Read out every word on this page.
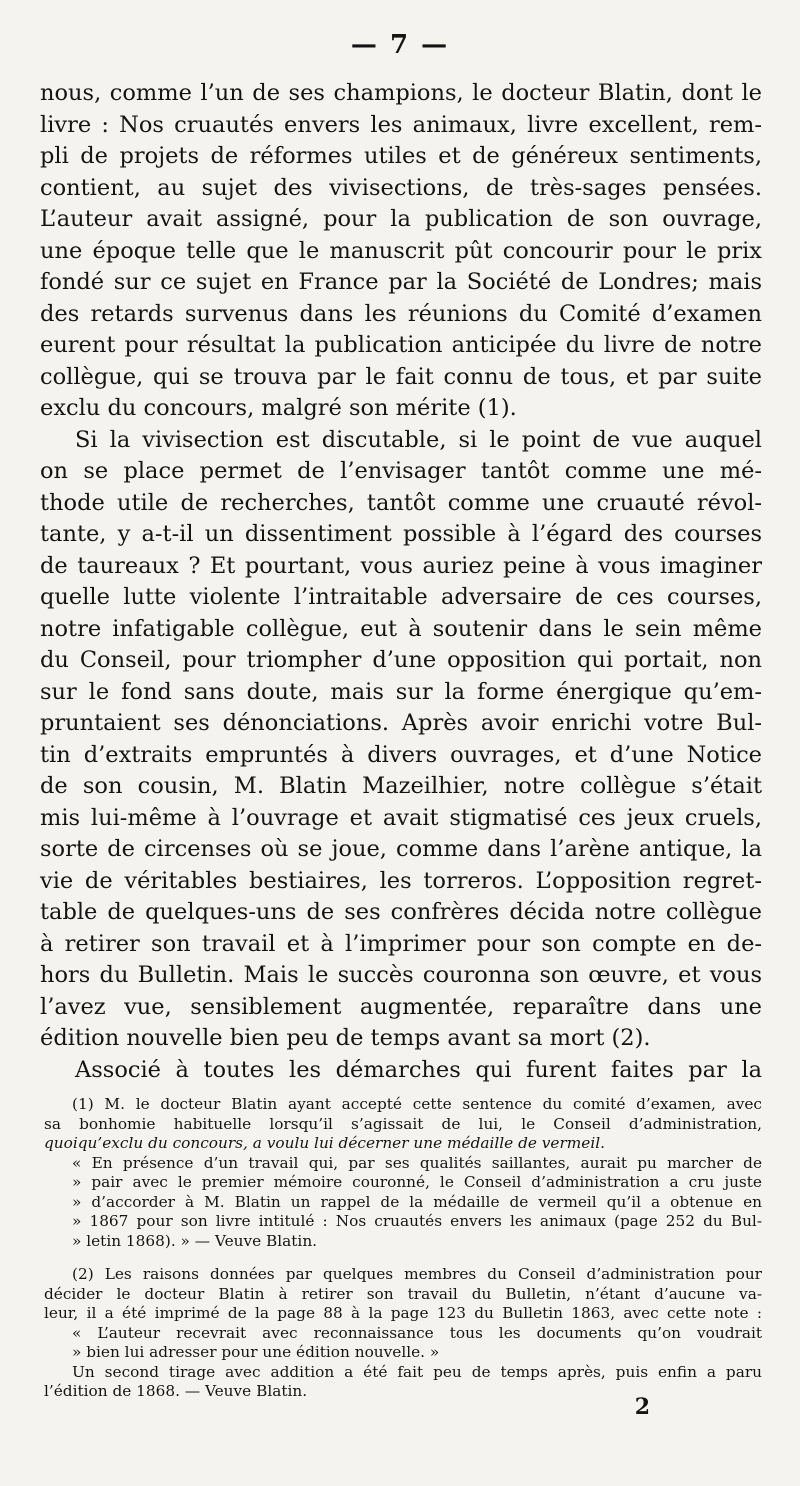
— 7 —
nous, comme l’un de ses champions, le docteur Blatin, dont le
livre : Nos cruautés envers les animaux, livre excellent, rem-
pli de projets de réformes utiles et de généreux sentiments,
contient, au sujet des vivisections, de très-sages pensées.
L’auteur avait assigné, pour la publication de son ouvrage,
une époque telle que le manuscrit pût concourir pour le prix
fondé sur ce sujet en France par la Société de Londres; mais
des retards survenus dans les réunions du Comité d’examen
eurent pour résultat la publication anticipée du livre de notre
collègue, qui se trouva par le fait connu de tous, et par suite
exclu du concours, malgré son mérite (1).
Si la vivisection est discutable, si le point de vue auquel
on se place permet de l’envisager tantôt comme une mé-
thode utile de recherches, tantôt comme une cruauté révol-
tante, y a-t-il un dissentiment possible à l’égard des courses
de taureaux ? Et pourtant, vous auriez peine à vous imaginer
quelle lutte violente l’intraitable adversaire de ces courses,
notre infatigable collègue, eut à soutenir dans le sein même
du Conseil, pour triompher d’une opposition qui portait, non
sur le fond sans doute, mais sur la forme énergique qu’em-
pruntaient ses dénonciations. Après avoir enrichi votre Bul-
tin d’extraits empruntés à divers ouvrages, et d’une Notice
de son cousin, M. Blatin Mazeilhier, notre collègue s’était
mis lui-même à l’ouvrage et avait stigmatisé ces jeux cruels,
sorte de circenses où se joue, comme dans l’arène antique, la
vie de véritables bestiaires, les torreros. L’opposition regret-
table de quelques-uns de ses confrères décida notre collègue
à retirer son travail et à l’imprimer pour son compte en de-
hors du Bulletin. Mais le succès couronna son œuvre, et vous
l’avez vue, sensiblement augmentée, reparaître dans une
édition nouvelle bien peu de temps avant sa mort (2).
Associé à toutes les démarches qui furent faites par la
(1) M. le docteur Blatin ayant accepté cette sentence du comité d’examen, avec
sa bonhomie habituelle lorsqu’il s’agissait de lui, le Conseil d’administration,
quoiqu’exclu du concours, a voulu lui décerner une médaille de vermeil.
« En présence d’un travail qui, par ses qualités saillantes, aurait pu marcher de
» pair avec le premier mémoire couronné, le Conseil d’administration a cru juste
» d’accorder à M. Blatin un rappel de la médaille de vermeil qu’il a obtenue en
» 1867 pour son livre intitulé : Nos cruautés envers les animaux (page 252 du Bul-
» letin 1868). » — Veuve Blatin.
(2) Les raisons données par quelques membres du Conseil d’administration pour
décider le docteur Blatin à retirer son travail du Bulletin, n’étant d’aucune va-
leur, il a été imprimé de la page 88 à la page 123 du Bulletin 1863, avec cette note :
« L’auteur recevrait avec reconnaissance tous les documents qu’on voudrait
» bien lui adresser pour une édition nouvelle. »
Un second tirage avec addition a été fait peu de temps après, puis enfin a paru
l’édition de 1868. — Veuve Blatin.
2
